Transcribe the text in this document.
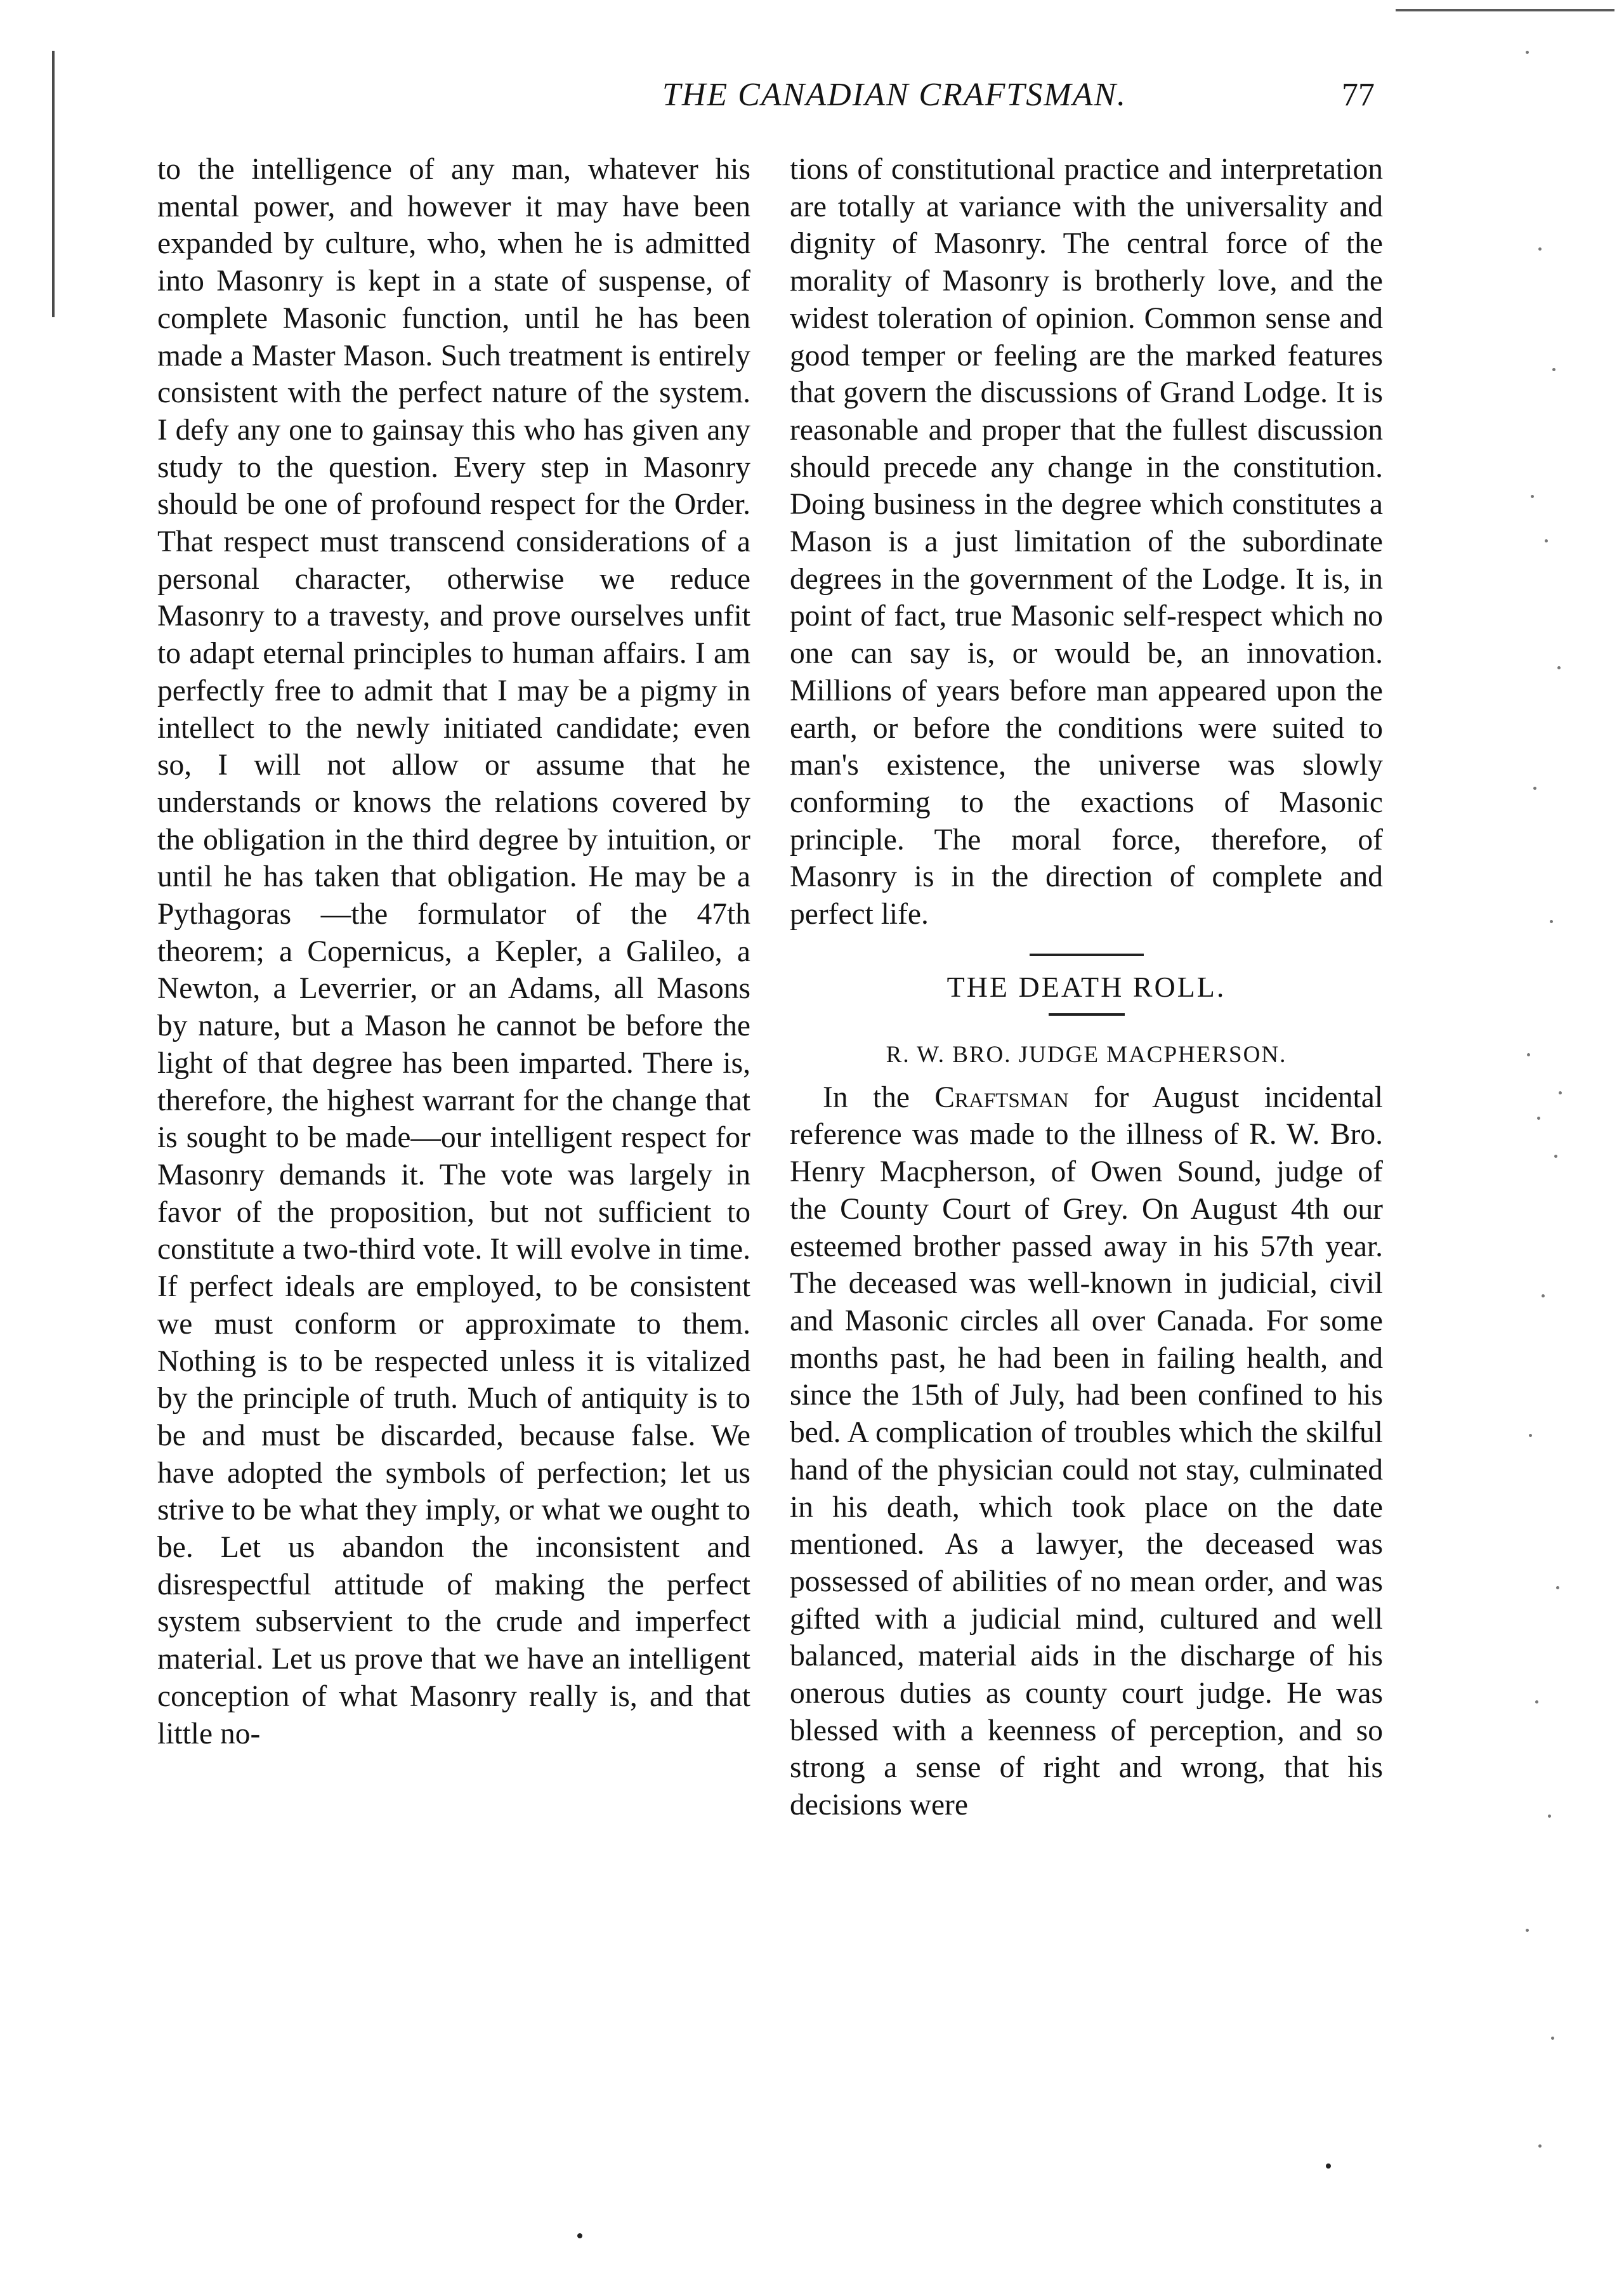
THE CANADIAN CRAFTSMAN.	77

to the intelligence of any man, whatever his mental power, and however it may have been expanded by culture, who, when he is admitted into Masonry is kept in a state of suspense, of complete Masonic function, until he has been made a Master Mason. Such treatment is entirely consistent with the perfect nature of the system. I defy any one to gainsay this who has given any study to the question. Every step in Masonry should be one of profound respect for the Order. That respect must transcend considerations of a personal character, otherwise we reduce Masonry to a travesty, and prove ourselves unfit to adapt eternal principles to human affairs. I am perfectly free to admit that I may be a pigmy in intellect to the newly initiated candidate; even so, I will not allow or assume that he understands or knows the relations covered by the obligation in the third degree by intuition, or until he has taken that obligation. He may be a Pythagoras —the formulator of the 47th theorem; a Copernicus, a Kepler, a Galileo, a Newton, a Leverrier, or an Adams, all Masons by nature, but a Mason he cannot be before the light of that degree has been imparted. There is, therefore, the highest warrant for the change that is sought to be made—our intelligent respect for Masonry demands it. The vote was largely in favor of the proposition, but not sufficient to constitute a two-third vote. It will evolve in time. If perfect ideals are employed, to be consistent we must conform or approximate to them. Nothing is to be respected unless it is vitalized by the principle of truth. Much of antiquity is to be and must be discarded, because false. We have adopted the symbols of perfection; let us strive to be what they imply, or what we ought to be. Let us abandon the inconsistent and disrespectful attitude of making the perfect system subservient to the crude and imperfect material. Let us prove that we have an intelligent conception of what Masonry really is, and that little no-

tions of constitutional practice and interpretation are totally at variance with the universality and dignity of Masonry. The central force of the morality of Masonry is brotherly love, and the widest toleration of opinion. Common sense and good temper or feeling are the marked features that govern the discussions of Grand Lodge. It is reasonable and proper that the fullest discussion should precede any change in the constitution. Doing business in the degree which constitutes a Mason is a just limitation of the subordinate degrees in the government of the Lodge. It is, in point of fact, true Masonic self-respect which no one can say is, or would be, an innovation. Millions of years before man appeared upon the earth, or before the conditions were suited to man's existence, the universe was slowly conforming to the exactions of Masonic principle. The moral force, therefore, of Masonry is in the direction of complete and perfect life.

THE DEATH ROLL.
R. W. BRO. JUDGE MACPHERSON.

In the Craftsman for August incidental reference was made to the illness of R. W. Bro. Henry Macpherson, of Owen Sound, judge of the County Court of Grey. On August 4th our esteemed brother passed away in his 57th year. The deceased was well-known in judicial, civil and Masonic circles all over Canada. For some months past, he had been in failing health, and since the 15th of July, had been confined to his bed. A complication of troubles which the skilful hand of the physician could not stay, culminated in his death, which took place on the date mentioned. As a lawyer, the deceased was possessed of abilities of no mean order, and was gifted with a judicial mind, cultured and well balanced, material aids in the discharge of his onerous duties as county court judge. He was blessed with a keenness of perception, and so strong a sense of right and wrong, that his decisions were
